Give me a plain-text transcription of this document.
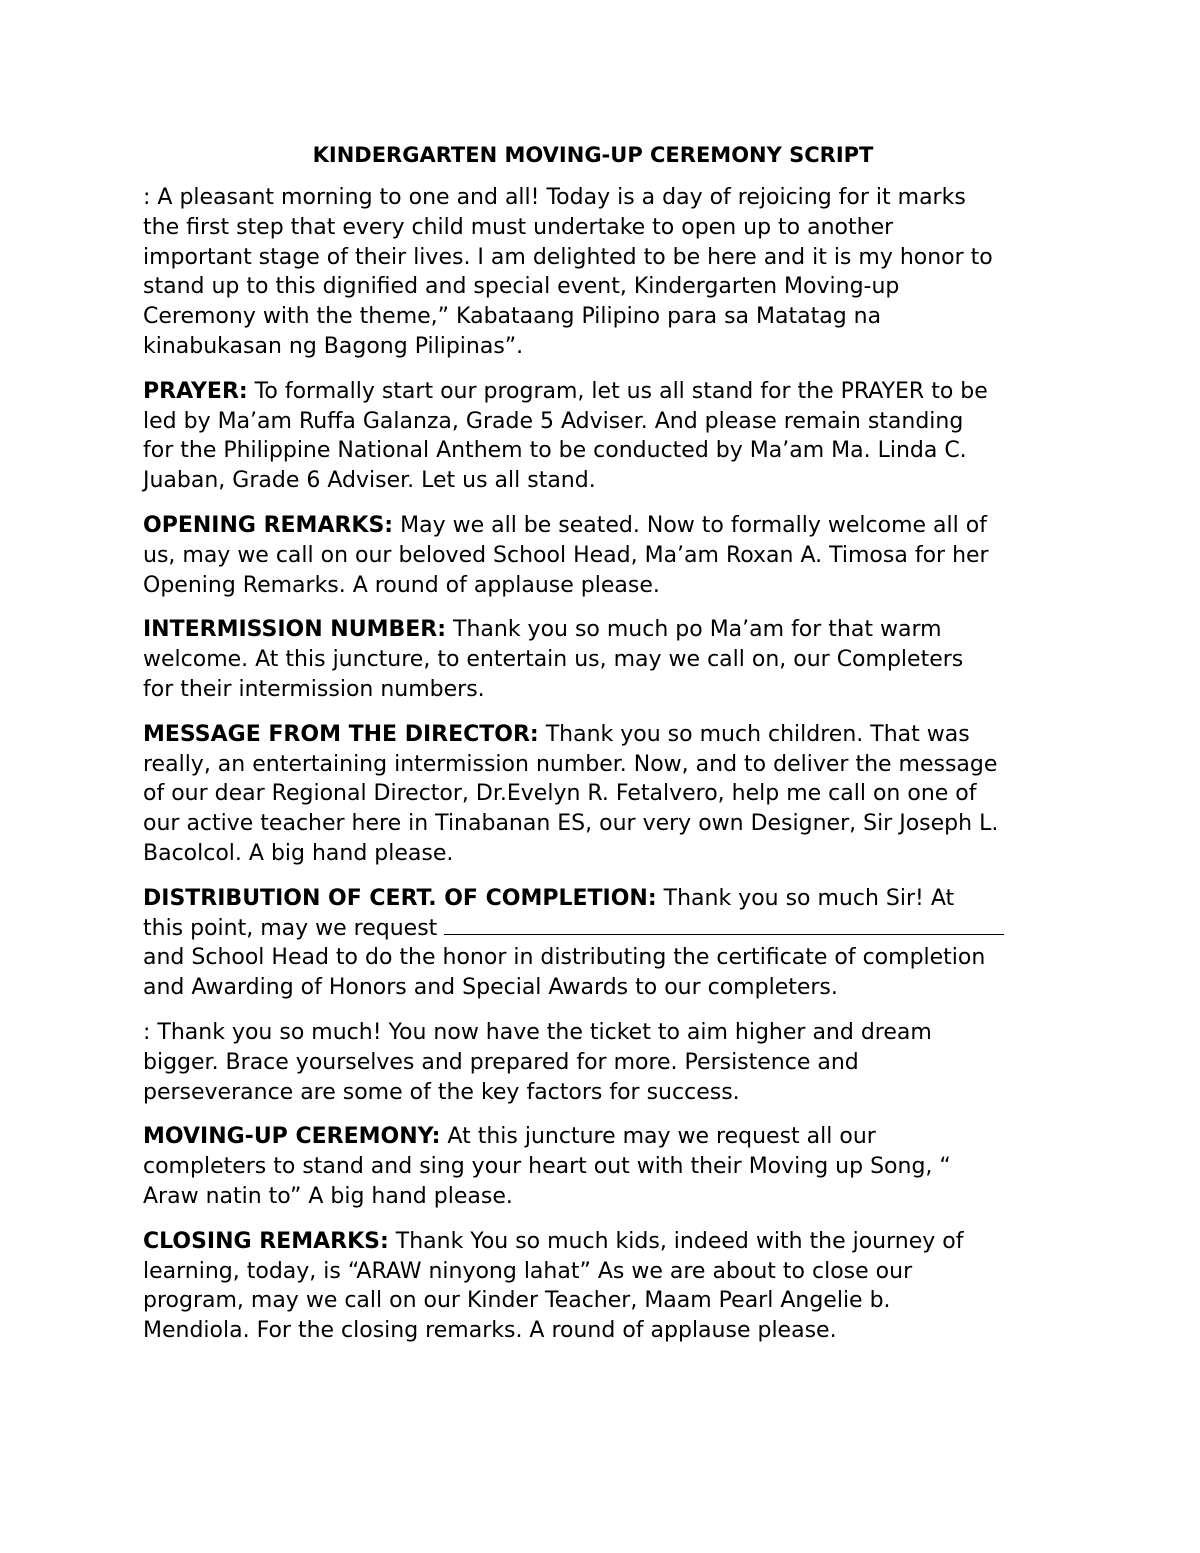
KINDERGARTEN MOVING-UP CEREMONY SCRIPT

: A pleasant morning to one and all! Today is a day of rejoicing for it marks
the first step that every child must undertake to open up to another
important stage of their lives. I am delighted to be here and it is my honor to
stand up to this dignified and special event, Kindergarten Moving-up
Ceremony with the theme,” Kabataang Pilipino para sa Matatag na
kinabukasan ng Bagong Pilipinas”.

PRAYER: To formally start our program, let us all stand for the PRAYER to be
led by Ma’am Ruffa Galanza, Grade 5 Adviser. And please remain standing
for the Philippine National Anthem to be conducted by Ma’am Ma. Linda C.
Juaban, Grade 6 Adviser. Let us all stand.

OPENING REMARKS: May we all be seated. Now to formally welcome all of
us, may we call on our beloved School Head, Ma’am Roxan A. Timosa for her
Opening Remarks. A round of applause please.

INTERMISSION NUMBER: Thank you so much po Ma’am for that warm
welcome. At this juncture, to entertain us, may we call on, our Completers
for their intermission numbers.

MESSAGE FROM THE DIRECTOR: Thank you so much children. That was
really, an entertaining intermission number. Now, and to deliver the message
of our dear Regional Director, Dr.Evelyn R. Fetalvero, help me call on one of
our active teacher here in Tinabanan ES, our very own Designer, Sir Joseph L.
Bacolcol. A big hand please.

DISTRIBUTION OF CERT. OF COMPLETION: Thank you so much Sir! At
this point, may we request
and School Head to do the honor in distributing the certificate of completion
and Awarding of Honors and Special Awards to our completers.

: Thank you so much! You now have the ticket to aim higher and dream
bigger. Brace yourselves and prepared for more. Persistence and
perseverance are some of the key factors for success.

MOVING-UP CEREMONY: At this juncture may we request all our
completers to stand and sing your heart out with their Moving up Song, “
Araw natin to” A big hand please.

CLOSING REMARKS: Thank You so much kids, indeed with the journey of
learning, today, is “ARAW ninyong lahat” As we are about to close our
program, may we call on our Kinder Teacher, Maam Pearl Angelie b.
Mendiola. For the closing remarks. A round of applause please.
